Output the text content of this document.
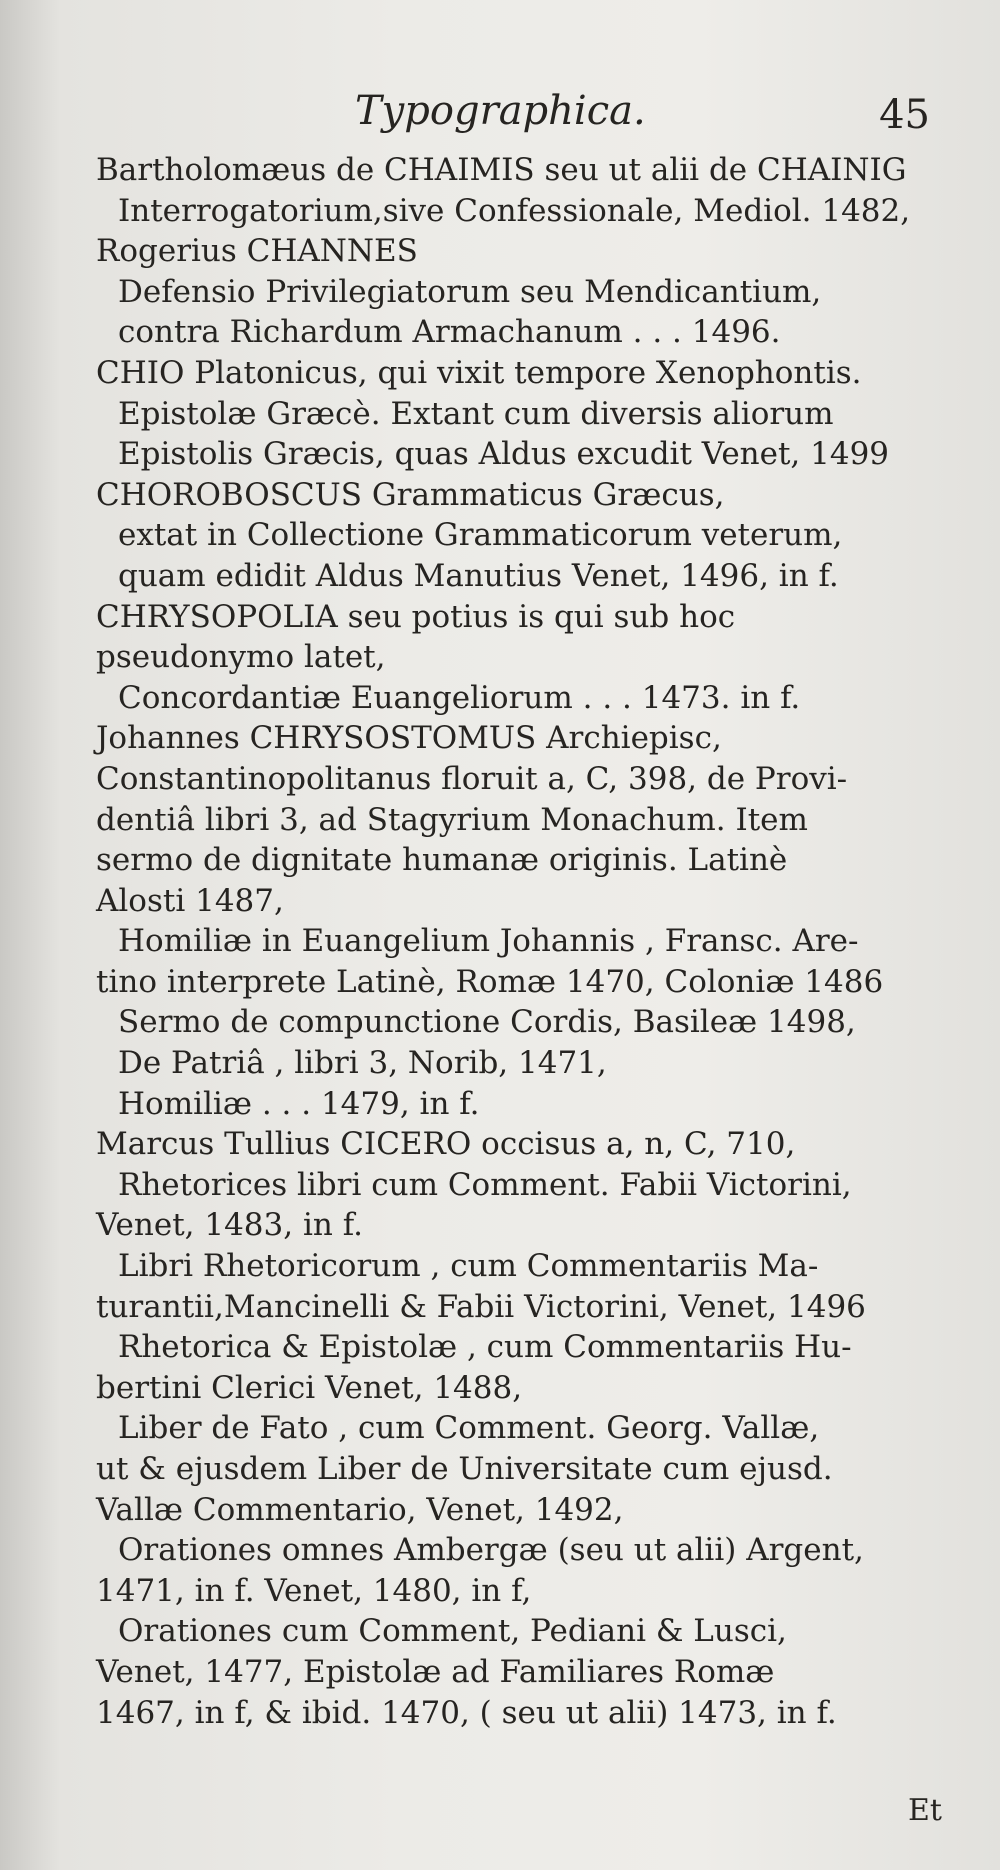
Typographica.	45

Bartholomæus de CHAIMIS seu ut alii de CHAINIG
Interrogatorium,sive Confessionale, Mediol. 1482,

Rogerius CHANNES
Defensio Privilegiatorum seu Mendicantium,
contra Richardum Armachanum . . . 1496.

CHIO Platonicus, qui vixit tempore Xenophontis.
Epistolæ Græcè. Extant cum diversis aliorum
Epistolis Græcis, quas Aldus excudit Venet, 1499

CHOROBOSCUS Grammaticus Græcus,
extat in Collectione Grammaticorum veterum,
quam edidit Aldus Manutius Venet, 1496, in f.

CHRYSOPOLIA seu potius is qui sub hoc
pseudonymo latet,
Concordantiæ Euangeliorum . . . 1473. in f.

Johannes CHRYSOSTOMUS Archiepisc,
Constantinopolitanus floruit a, C, 398, de Provi-
dentiâ libri 3, ad Stagyrium Monachum. Item
sermo de dignitate humanæ originis. Latinè
Alosti 1487,
Homiliæ in Euangelium Johannis , Fransc. Are-
tino interprete Latinè, Romæ 1470, Coloniæ 1486
Sermo de compunctione Cordis, Basileæ 1498,
De Patriâ , libri 3, Norib, 1471,
Homiliæ . . . 1479, in f.

Marcus Tullius CICERO occisus a, n, C, 710,
Rhetorices libri cum Comment. Fabii Victorini,
Venet, 1483, in f.
Libri Rhetoricorum , cum Commentariis Ma-
turantii,Mancinelli & Fabii Victorini, Venet, 1496
Rhetorica & Epistolæ , cum Commentariis Hu-
bertini Clerici Venet, 1488,
Liber de Fato , cum Comment. Georg. Vallæ,
ut & ejusdem Liber de Universitate cum ejusd.
Vallæ Commentario, Venet, 1492,
Orationes omnes Ambergæ (seu ut alii) Argent,
1471, in f. Venet, 1480, in f,
Orationes cum Comment, Pediani & Lusci,
Venet, 1477, Epistolæ ad Familiares Romæ
1467, in f, & ibid. 1470, ( seu ut alii) 1473, in f.

Et
